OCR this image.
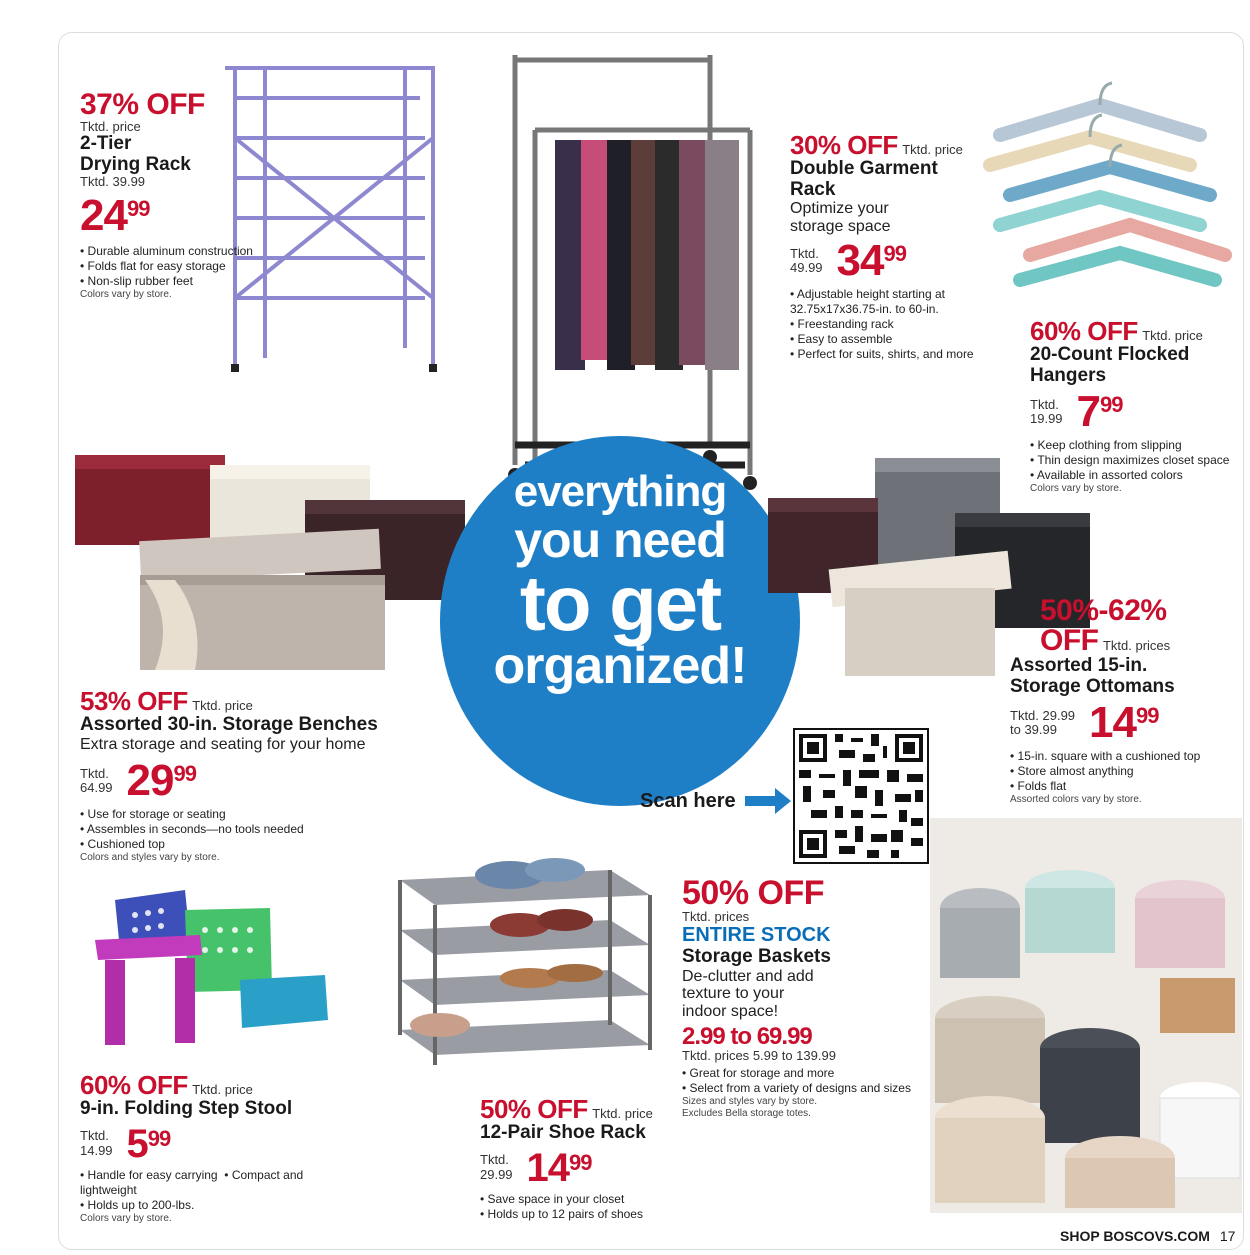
37% OFF
Tktd. price
2-Tier
Drying Rack
Tktd. 39.99
$24^{99}$
• Durable aluminum construction
• Folds flat for easy storage
• Non-slip rubber feet
Colors vary by store.
30% OFF Tktd. price
Double Garment
Rack
Optimize your
storage space
Tktd.
49.99 $34^{99}$
• Adjustable height starting at 32.75x17x36.75-in. to 60-in.
• Freestanding rack
• Easy to assemble
• Perfect for suits, shirts, and more
60% OFF Tktd. price
20-Count Flocked
Hangers
Tktd.
19.99 $7^{99}$
• Keep clothing from slipping
• Thin design maximizes closet space
• Available in assorted colors
Colors vary by store.
53% OFF Tktd. price
Assorted 30-in. Storage Benches
Extra storage and seating for your home
Tktd.
64.99 $29^{99}$
• Use for storage or seating
• Assembles in seconds—no tools needed
• Cushioned top
Colors and styles vary by store.
everything
you need
to get
organized!
Scan here
50%-62%
OFF Tktd. prices
Assorted 15-in.
Storage Ottomans
Tktd. 29.99
to 39.99 $14^{99}$
• 15-in. square with a cushioned top
• Store almost anything
• Folds flat
Assorted colors vary by store.
60% OFF Tktd. price
9-in. Folding Step Stool
Tktd.
14.99 $5^{99}$
• Handle for easy carrying  • Compact and lightweight
• Holds up to 200-lbs.
Colors vary by store.
50% OFF Tktd. price
12-Pair Shoe Rack
Tktd.
29.99 $14^{99}$
• Save space in your closet
• Holds up to 12 pairs of shoes
50% OFF
Tktd. prices
ENTIRE STOCK
Storage Baskets
De-clutter and add
texture to your
indoor space!
2.99 to 69.99
Tktd. prices 5.99 to 139.99
• Great for storage and more
• Select from a variety of designs and sizes
Sizes and styles vary by store.
Excludes Bella storage totes.
SHOP BOSCOVS.COM 17
